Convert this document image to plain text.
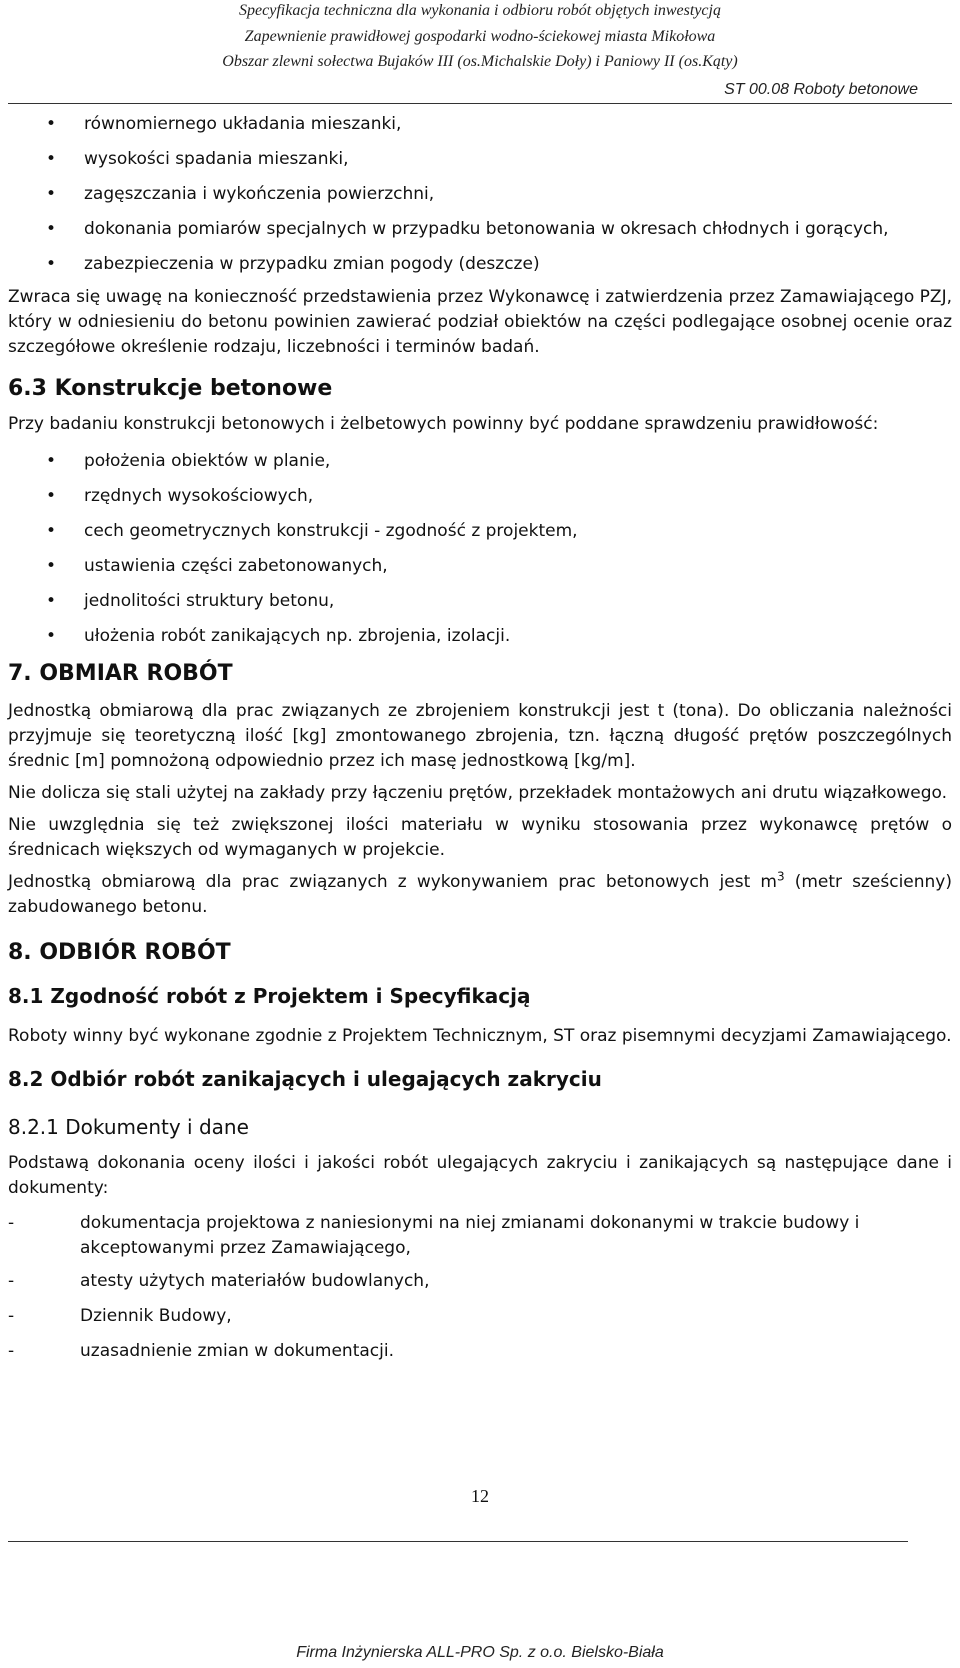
Specyfikacja techniczna dla wykonania i odbioru robót objętych inwestycją
Zapewnienie prawidłowej gospodarki wodno-ściekowej miasta Mikołowa
Obszar zlewni sołectwa Bujaków III (os.Michalskie Doły) i Paniowy II (os.Kąty)
ST 00.08 Roboty betonowe
• równomiernego układania mieszanki,
• wysokości spadania mieszanki,
• zagęszczania i wykończenia powierzchni,
• dokonania pomiarów specjalnych w przypadku betonowania w okresach chłodnych i gorących,
• zabezpieczenia w przypadku zmian pogody (deszcze)

Zwraca się uwagę na konieczność przedstawienia przez Wykonawcę i zatwierdzenia przez Zamawiającego PZJ, który w odniesieniu do betonu powinien zawierać podział obiektów na części podlegające osobnej ocenie oraz szczegółowe określenie rodzaju, liczebności i terminów badań.

6.3 Konstrukcje betonowe

Przy badaniu konstrukcji betonowych i żelbetowych powinny być poddane sprawdzeniu prawidłowość:

• położenia obiektów w planie,
• rzędnych wysokościowych,
• cech geometrycznych konstrukcji - zgodność z projektem,
• ustawienia części zabetonowanych,
• jednolitości struktury betonu,
• ułożenia robót zanikających np. zbrojenia, izolacji.
7. OBMIAR ROBÓT

Jednostką obmiarową dla prac związanych ze zbrojeniem konstrukcji jest t (tona). Do obliczania należności przyjmuje się teoretyczną ilość [kg] zmontowanego zbrojenia, tzn. łączną długość prętów poszczególnych średnic [m] pomnożoną odpowiednio przez ich masę jednostkową [kg/m].

Nie dolicza się stali użytej na zakłady przy łączeniu prętów, przekładek montażowych ani drutu wiązałkowego.

Nie uwzględnia się też zwiększonej ilości materiału w wyniku stosowania przez wykonawcę prętów o średnicach większych od wymaganych w projekcie.

Jednostką obmiarową dla prac związanych z wykonywaniem prac betonowych jest $m^3$ (metr sześcienny) zabudowanego betonu.

8. ODBIÓR ROBÓT
8.1 Zgodność robót z Projektem i Specyfikacją

Roboty winny być wykonane zgodnie z Projektem Technicznym, ST oraz pisemnymi decyzjami Zamawiającego.

8.2 Odbiór robót zanikających i ulegających zakryciu
8.2.1 Dokumenty i dane

Podstawą dokonania oceny ilości i jakości robót ulegających zakryciu i zanikających są następujące dane i dokumenty:

-	dokumentacja projektowa z naniesionymi na niej zmianami dokonanymi w trakcie budowy i akceptowanymi przez Zamawiającego,
-	atesty użytych materiałów budowlanych,
-	Dziennik Budowy,
-	uzasadnienie zmian w dokumentacji.
12
Firma Inżynierska ALL-PRO Sp. z o.o. Bielsko-Biała
